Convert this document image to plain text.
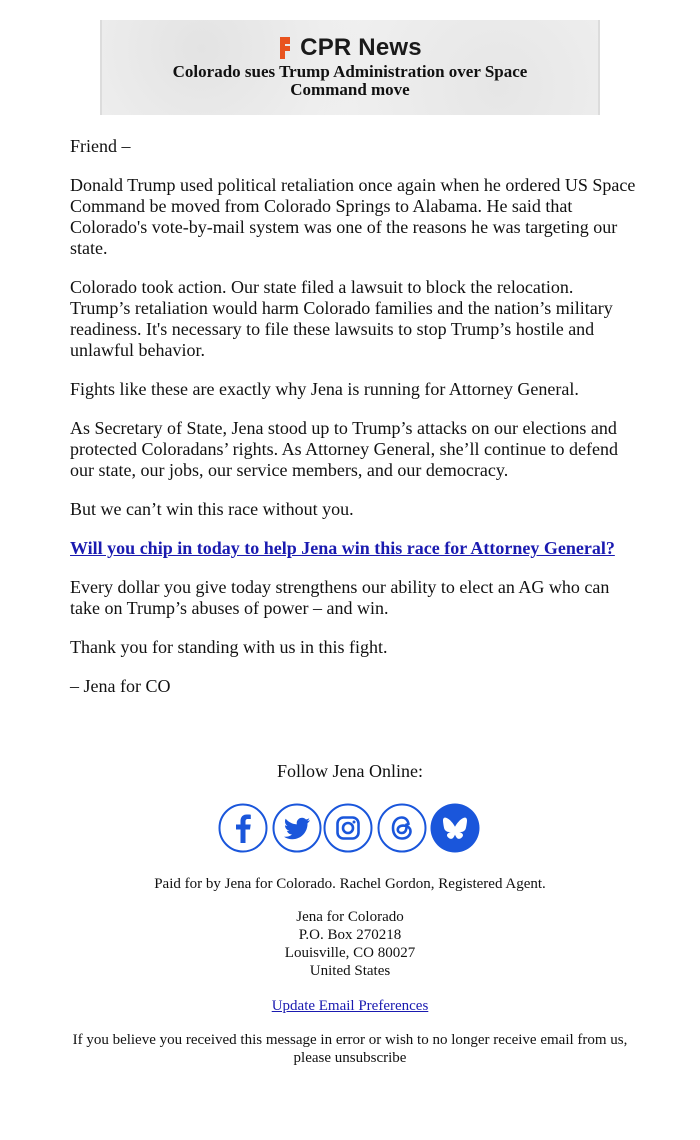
CPR News
Colorado sues Trump Administration over Space Command move

Friend –

Donald Trump used political retaliation once again when he ordered US Space Command be moved from Colorado Springs to Alabama. He said that Colorado's vote-by-mail system was one of the reasons he was targeting our state.

Colorado took action. Our state filed a lawsuit to block the relocation. Trump’s retaliation would harm Colorado families and the nation’s military readiness. It's necessary to file these lawsuits to stop Trump’s hostile and unlawful behavior.

Fights like these are exactly why Jena is running for Attorney General.

As Secretary of State, Jena stood up to Trump’s attacks on our elections and protected Coloradans’ rights. As Attorney General, she’ll continue to defend our state, our jobs, our service members, and our democracy.

But we can’t win this race without you.

Will you chip in today to help Jena win this race for Attorney General?

Every dollar you give today strengthens our ability to elect an AG who can take on Trump’s abuses of power – and win.

Thank you for standing with us in this fight.

– Jena for CO

Follow Jena Online:
Paid for by Jena for Colorado. Rachel Gordon, Registered Agent.
Jena for Colorado
P.O. Box 270218
Louisville, CO 80027
United States
Update Email Preferences
If you believe you received this message in error or wish to no longer receive email from us, please unsubscribe
